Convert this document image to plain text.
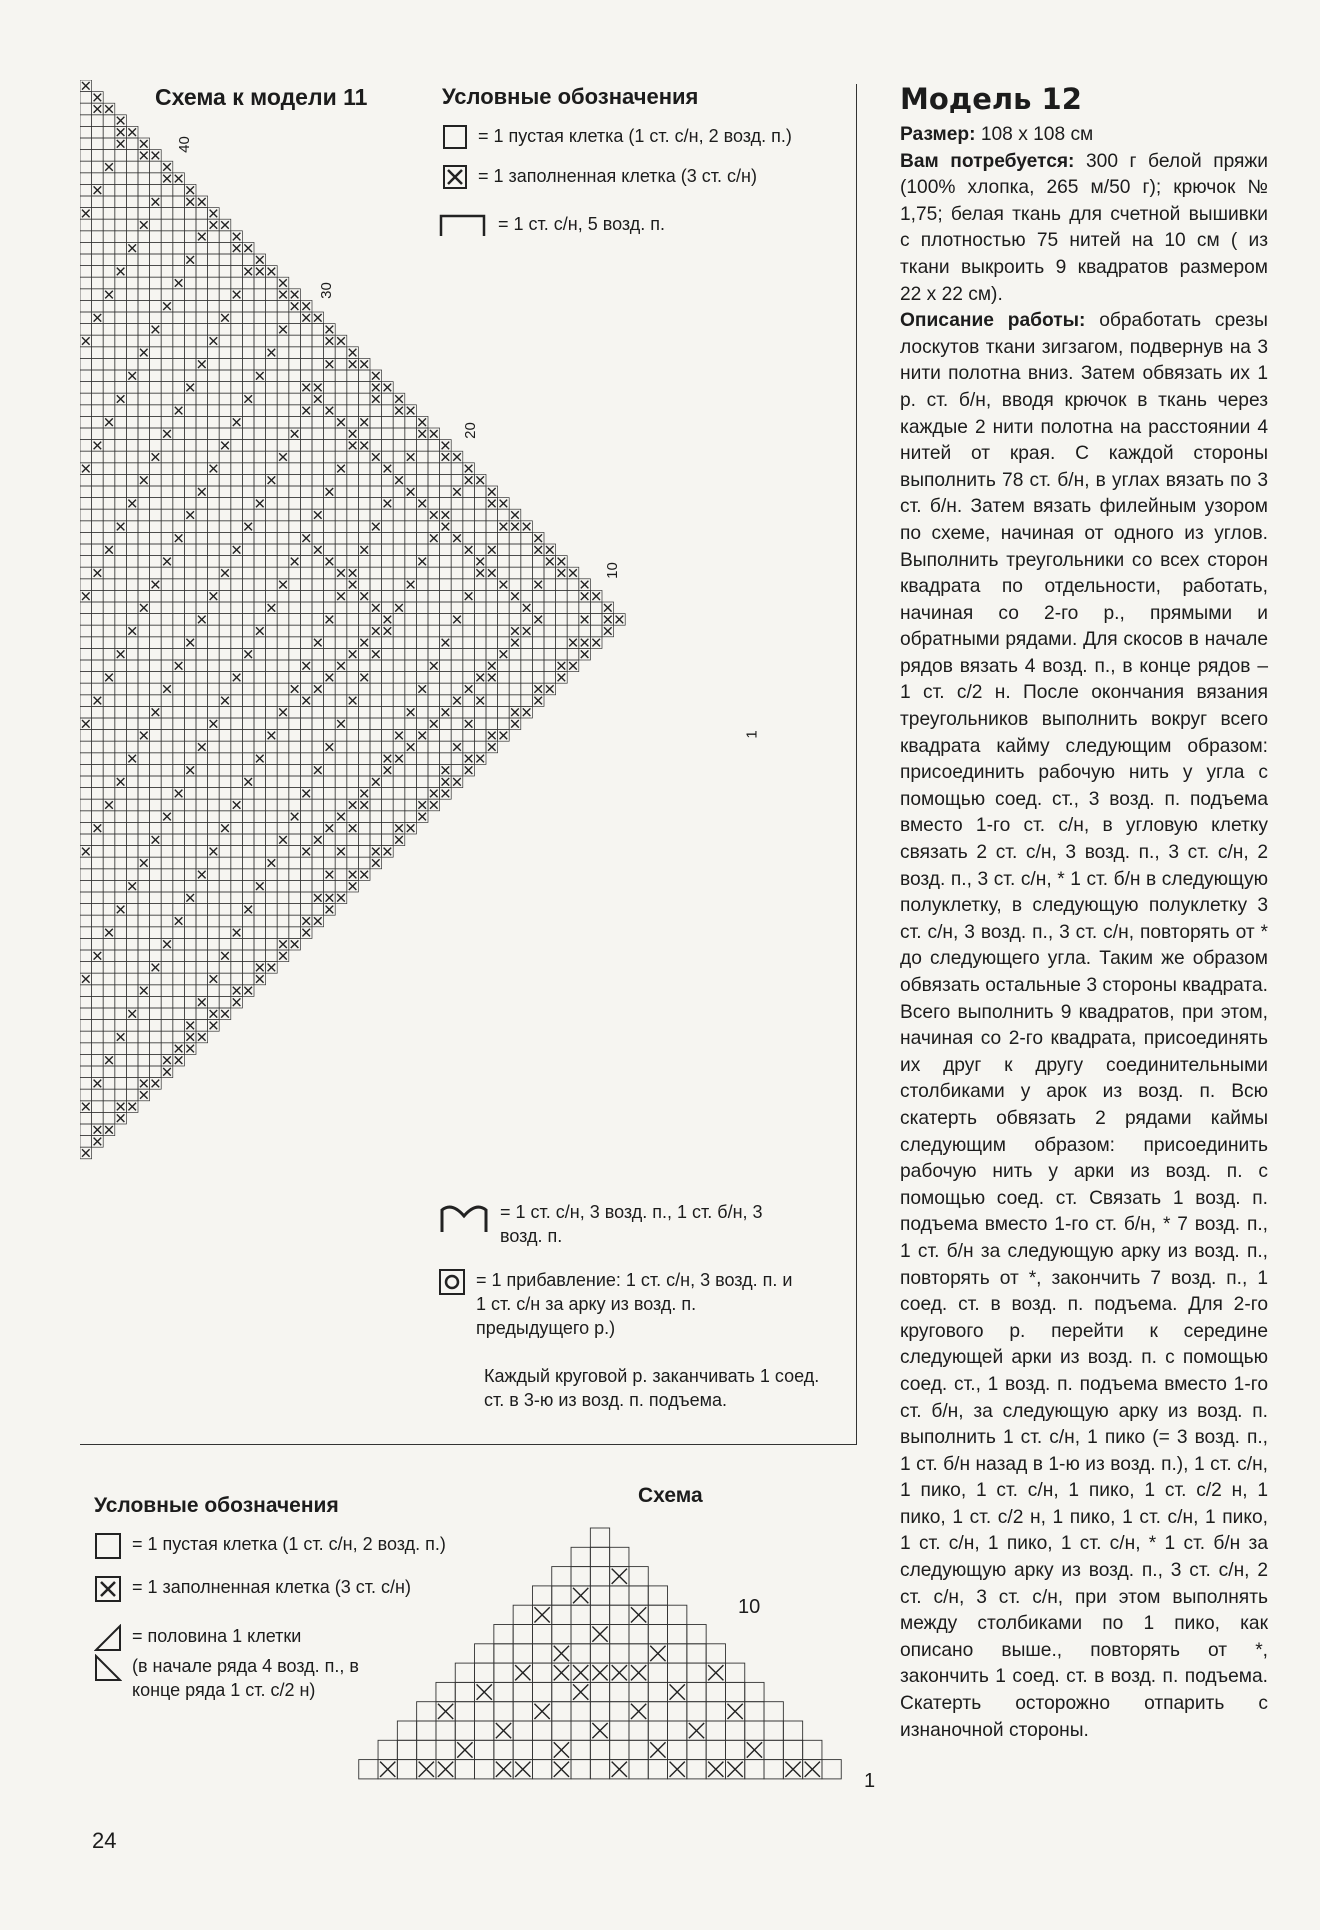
Схема к модели 11
40
30
20
10
1
Условные обозначения
= 1 пустая клетка (1 ст. с/н, 2 возд. п.)
= 1 заполненная клетка (3 ст. с/н)
= 1 ст. с/н, 5 возд. п.
= 1 ст. с/н, 3 возд. п., 1 ст. б/н, 3 возд. п.
= 1 прибавление: 1 ст. с/н, 3 возд. п. и 1 ст. с/н за арку из возд. п. предыдущего р.)
Каждый круговой р. заканчивать 1 соед. ст. в 3-ю из возд. п. подъема.
Условные обозначения
= 1 пустая клетка (1 ст. с/н, 2 возд. п.)
= 1 заполненная клетка (3 ст. с/н)
= половина 1 клетки
(в начале ряда 4 возд. п., в конце ряда 1 ст. с/2 н)
Схема
10
1
24
Модель 12

Размер: 108 х 108 см

Вам потребуется: 300 г белой пряжи (100% хлопка, 265 м/50 г); крючок № 1,75; белая ткань для счетной вышивки с плотностью 75 нитей на 10 см ( из ткани выкроить 9 квадратов размером 22 х 22 см).

Описание работы: обработать срезы лоскутов ткани зигзагом, подвернув на 3 нити полотна вниз. Затем обвязать их 1 р. ст. б/н, вводя крючок в ткань через каждые 2 нити полотна на расстоянии 4 нитей от края. С каждой стороны выполнить 78 ст. б/н, в углах вязать по 3 ст. б/н. Затем вязать филейным узором по схеме, начиная от одного из углов. Выполнить треугольники со всех сторон квадрата по отдельности, работать, начиная со 2-го р., прямыми и обратными рядами. Для скосов в начале рядов вязать 4 возд. п., в конце рядов – 1 ст. с/2 н. После окончания вязания треугольников выполнить вокруг всего квадрата кайму следующим образом: присоединить рабочую нить у угла с помощью соед. ст., 3 возд. п. подъема вместо 1-го ст. с/н, в угловую клетку связать 2 ст. с/н, 3 возд. п., 3 ст. с/н, 2 возд. п., 3 ст. с/н, * 1 ст. б/н в следующую полуклетку, в следующую полуклетку 3 ст. с/н, 3 возд. п., 3 ст. с/н, повторять от * до следующего угла. Таким же образом обвязать остальные 3 стороны квадрата. Всего выполнить 9 квадратов, при этом, начиная со 2-го квадрата, присоединять их друг к другу соединительными столбиками у арок из возд. п. Всю скатерть обвязать 2 рядами каймы следующим образом: присоединить рабочую нить у арки из возд. п. с помощью соед. ст. Связать 1 возд. п. подъема вместо 1-го ст. б/н, * 7 возд. п., 1 ст. б/н за следующую арку из возд. п., повторять от *, закончить 7 возд. п., 1 соед. ст. в возд. п. подъема. Для 2-го кругового р. перейти к середине следующей арки из возд. п. с помощью соед. ст., 1 возд. п. подъема вместо 1-го ст. б/н, за следующую арку из возд. п. выполнить 1 ст. с/н, 1 пико (= 3 возд. п., 1 ст. б/н назад в 1-ю из возд. п.), 1 ст. с/н, 1 пико, 1 ст. с/н, 1 пико, 1 ст. с/2 н, 1 пико, 1 ст. с/2 н, 1 пико, 1 ст. с/н, 1 пико, 1 ст. с/н, 1 пико, 1 ст. с/н, * 1 ст. б/н за следующую арку из возд. п., 3 ст. с/н, 2 ст. с/н, 3 ст. с/н, при этом выполнять между столбиками по 1 пико, как описано выше., повторять от *, закончить 1 соед. ст. в возд. п. подъема. Скатерть осторожно отпарить с изнаночной стороны.
